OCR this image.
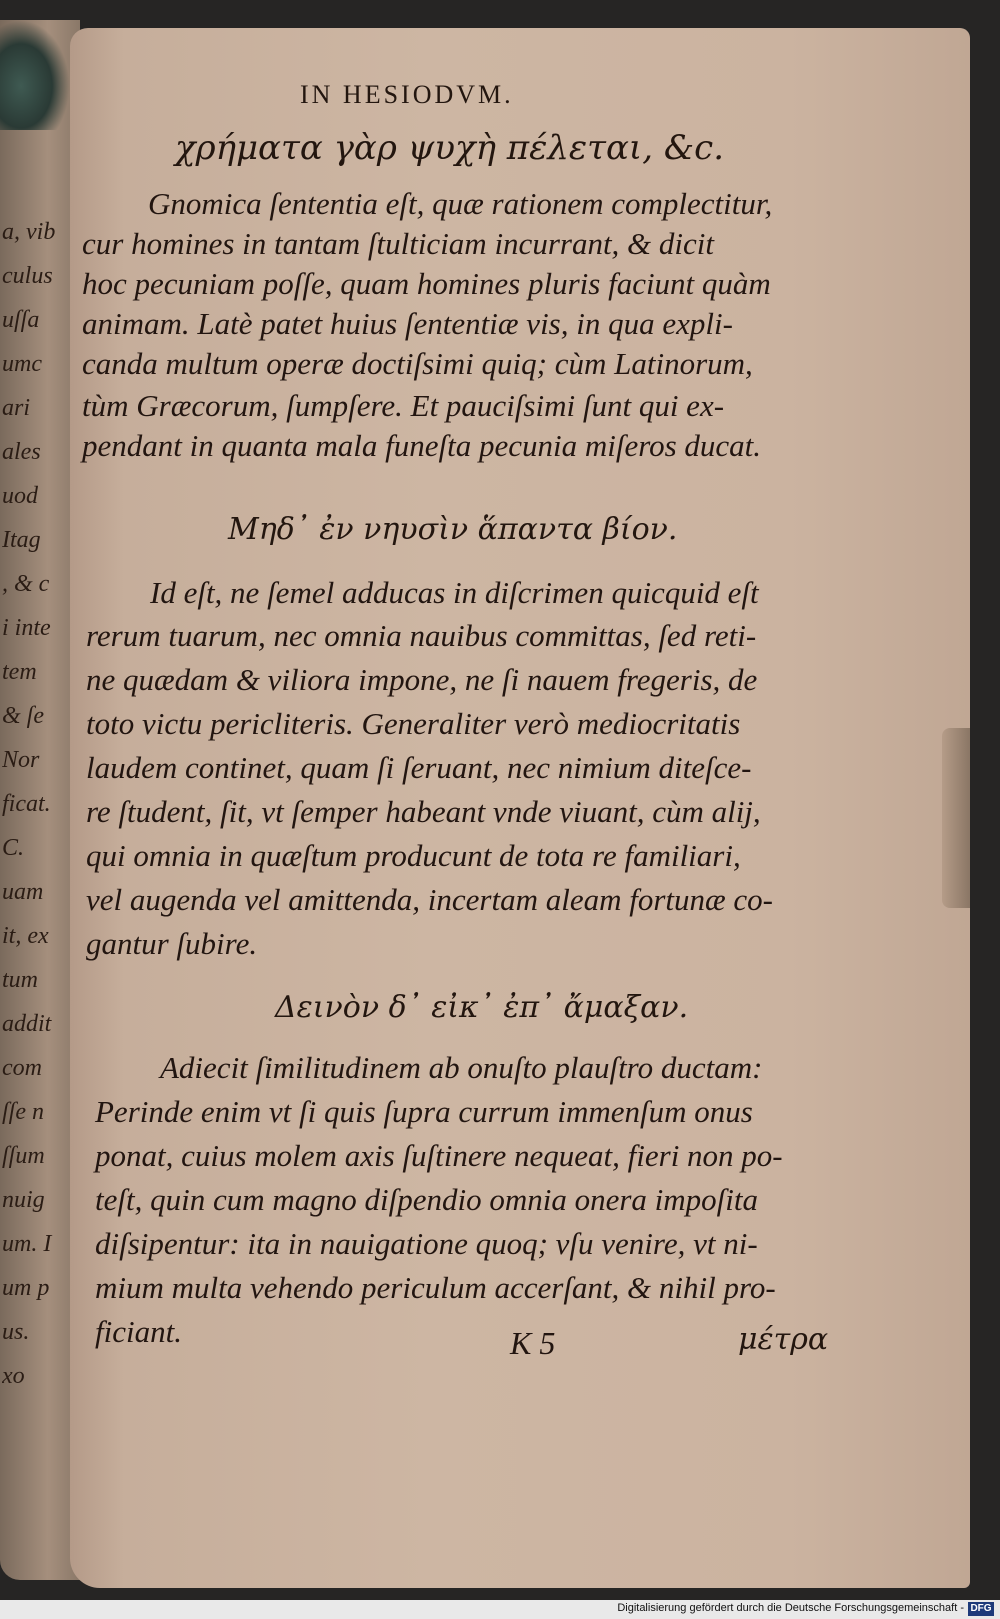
a, vib
culus
uſſa
umc
ari
ales
uod
Itag
, & c
i inte
tem
& ſe
Nor
ficat.
C.
uam
it, ex
tum
addit
com
ſſe n
ſſum
nuig
um. I
um p
us.
xo
IN HESIODVM.
χρήματα γὰρ ψυχὴ πέλεται, &c.
Gnomica ſententia eſt, quæ rationem complectitur,
cur homines in tantam ſtulticiam incurrant, & dicit
hoc pecuniam poſſe, quam homines pluris faciunt quàm
animam. Latè patet huius ſententiæ vis, in qua expli-
canda multum operæ doctiſsimi quiq; cùm Latinorum,
tùm Græcorum, ſumpſere. Et pauciſsimi ſunt qui ex-
pendant in quanta mala funeſta pecunia miſeros ducat.
Μηδ᾽ ἐν νηυσὶν ἅπαντα βίον.
Id eſt, ne ſemel adducas in diſcrimen quicquid eſt
rerum tuarum, nec omnia nauibus committas, ſed reti-
ne quædam & viliora impone, ne ſi nauem fregeris, de
toto victu pericliteris. Generaliter verò mediocritatis
laudem continet, quam ſi ſeruant, nec nimium diteſce-
re ſtudent, ſit, vt ſemper habeant vnde viuant, cùm alij,
qui omnia in quæſtum producunt de tota re familiari,
vel augenda vel amittenda, incertam aleam fortunæ co-
gantur ſubire.
Δεινὸν δ᾽ εἰκ᾽ ἐπ᾽ ἄμαξαν.
Adiecit ſimilitudinem ab onuſto plauſtro ductam:
Perinde enim vt ſi quis ſupra currum immenſum onus
ponat, cuius molem axis ſuſtinere nequeat, fieri non po-
teſt, quin cum magno diſpendio omnia onera impoſita
diſsipentur: ita in nauigatione quoq; vſu venire, vt ni-
mium multa vehendo periculum accerſant, & nihil pro-
ficiant.	K 5	μέτρα
Digitalisierung gefördert durch die Deutsche Forschungsgemeinschaft - DFG
